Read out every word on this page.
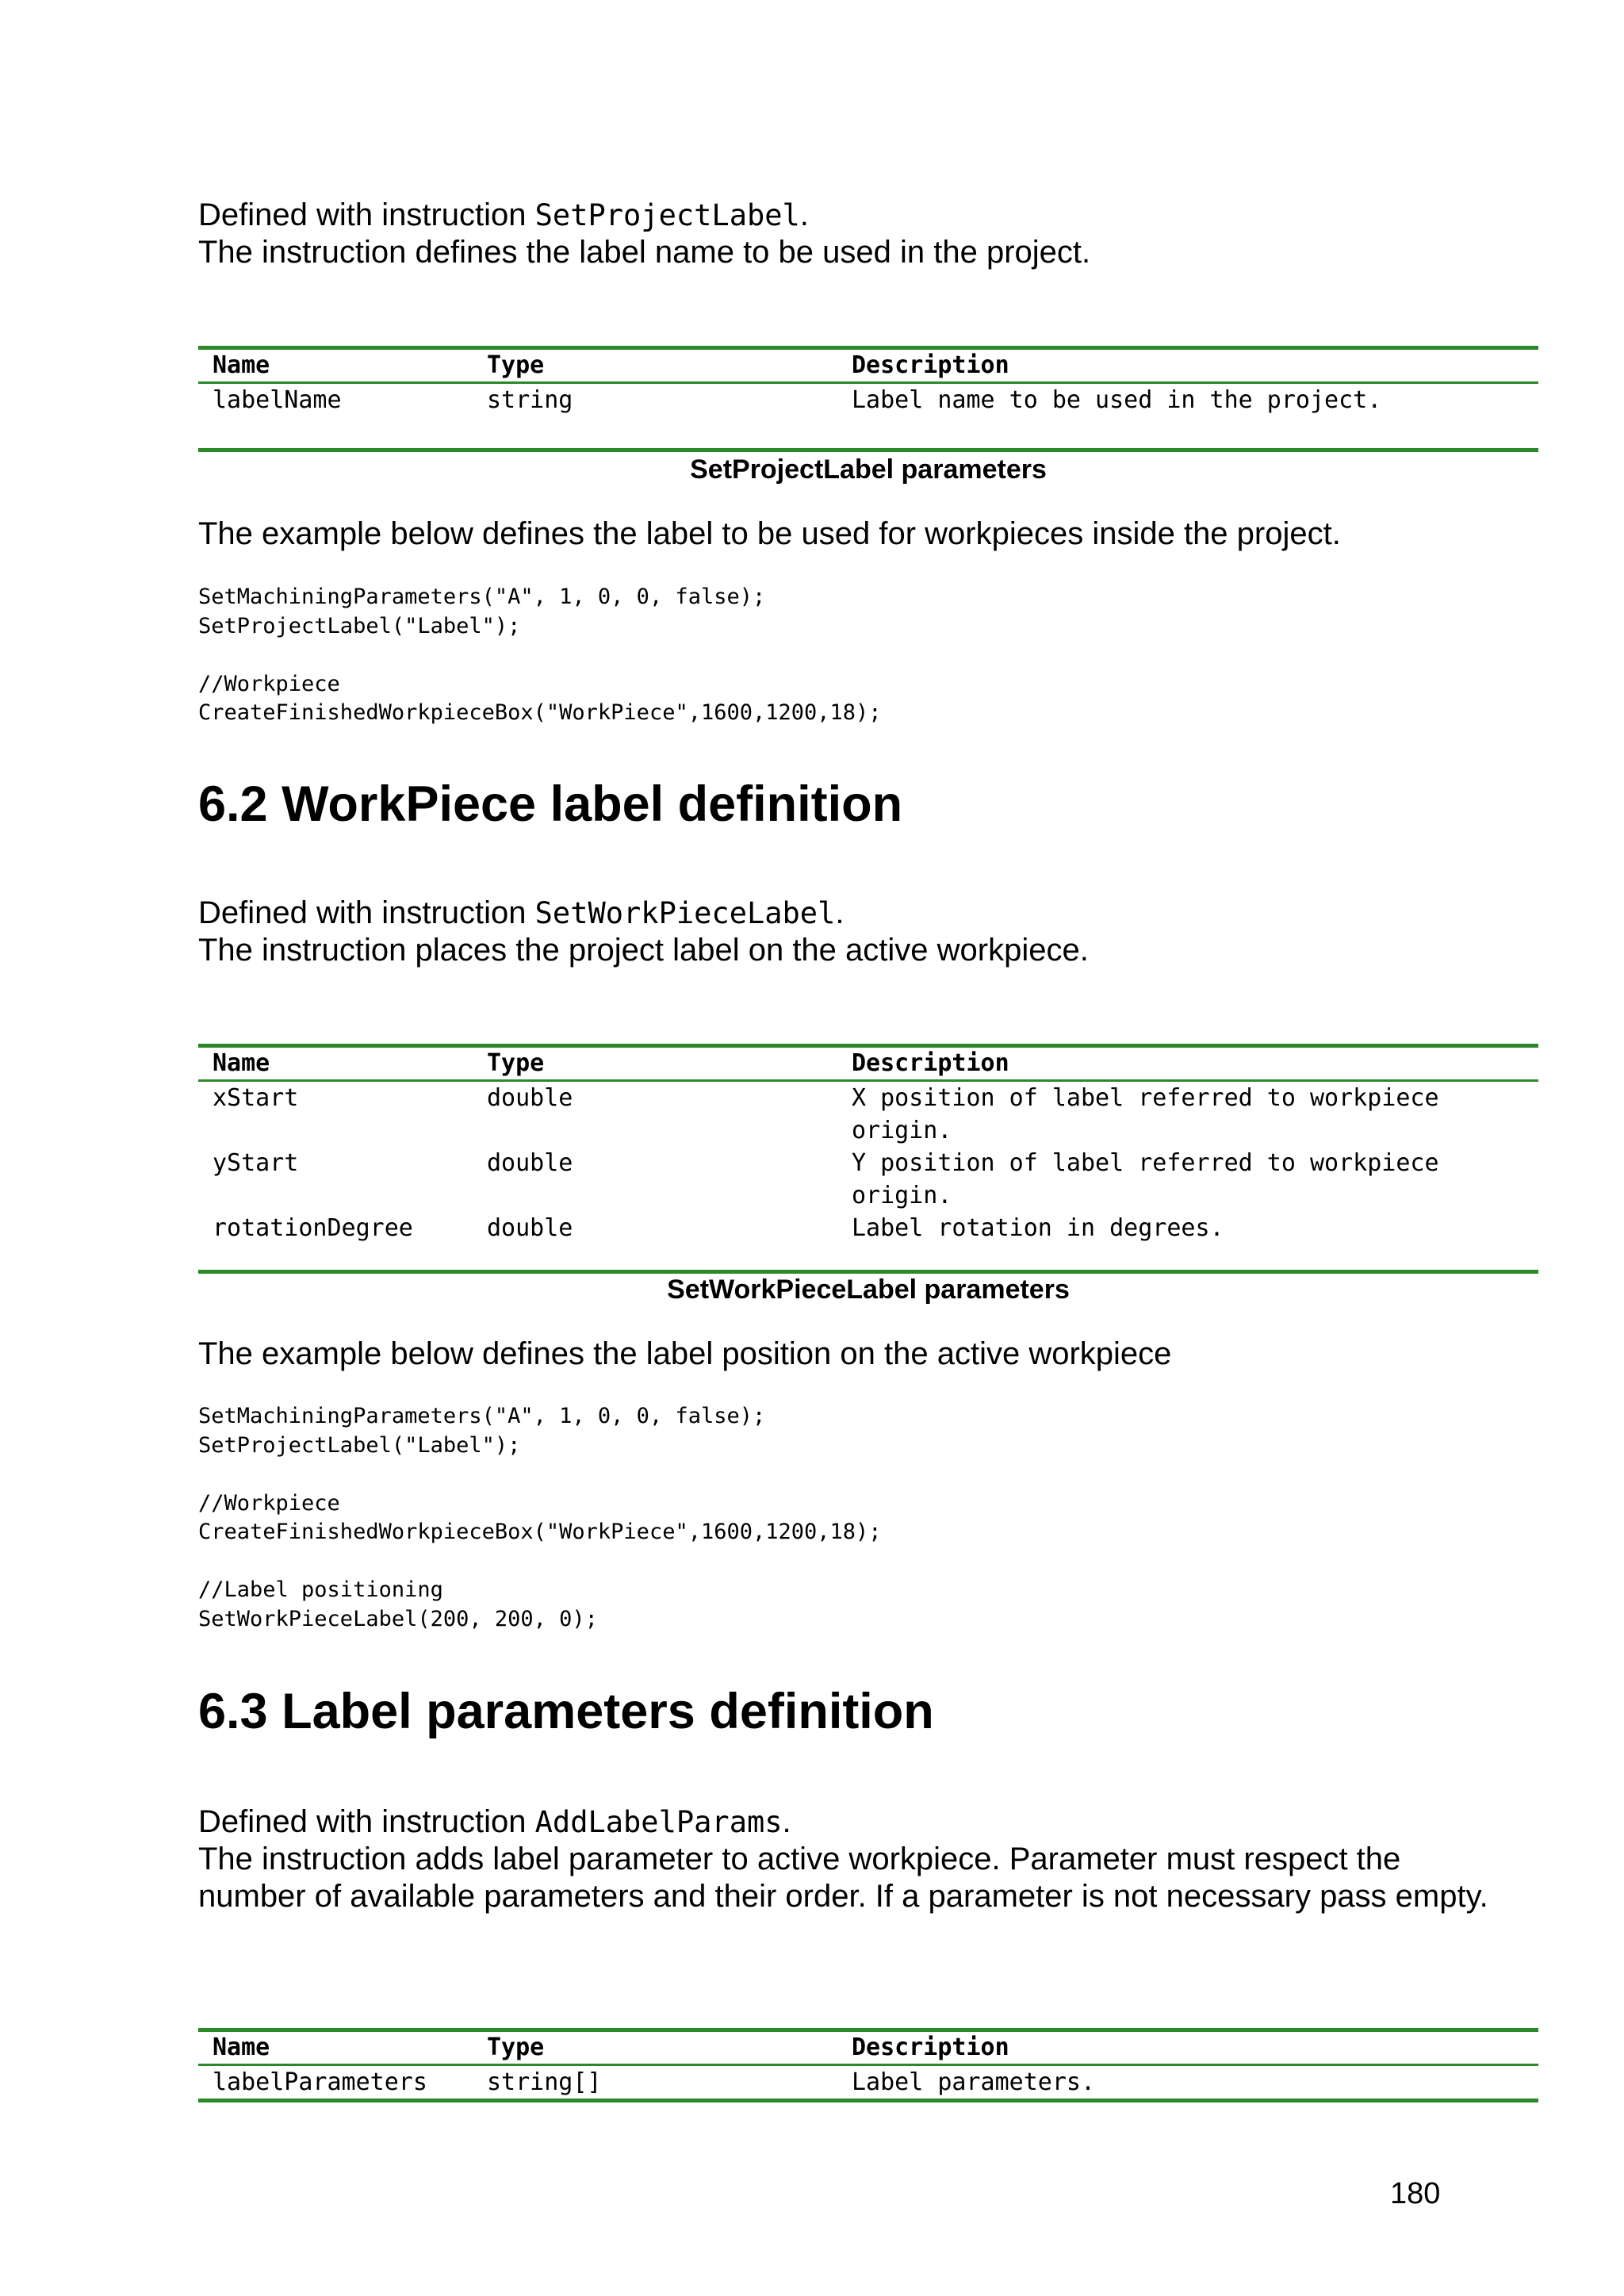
Defined with instruction SetProjectLabel.

The instruction defines the label name to be used in the project.

Name	Type	Description
labelName	string	Label name to be used in the project.
SetProjectLabel parameters

The example below defines the label to be used for workpieces inside the project.

SetMachiningParameters("A", 1, 0, 0, false);
SetProjectLabel("Label");

//Workpiece
CreateFinishedWorkpieceBox("WorkPiece",1600,1200,18);
6.2 WorkPiece label definition

Defined with instruction SetWorkPieceLabel.

The instruction places the project label on the active workpiece.

Name	Type	Description
xStart	double	X position of label referred to workpiece
origin.
yStart	double	Y position of label referred to workpiece
origin.
rotationDegree	double	Label rotation in degrees.
SetWorkPieceLabel parameters

The example below defines the label position on the active workpiece

SetMachiningParameters("A", 1, 0, 0, false);
SetProjectLabel("Label");

//Workpiece
CreateFinishedWorkpieceBox("WorkPiece",1600,1200,18);

//Label positioning
SetWorkPieceLabel(200, 200, 0);
6.3 Label parameters definition

Defined with instruction AddLabelParams.

The instruction adds label parameter to active workpiece. Parameter must respect the number of available parameters and their order. If a parameter is not necessary pass empty.

Name	Type	Description
labelParameters	string[]	Label parameters.
180
